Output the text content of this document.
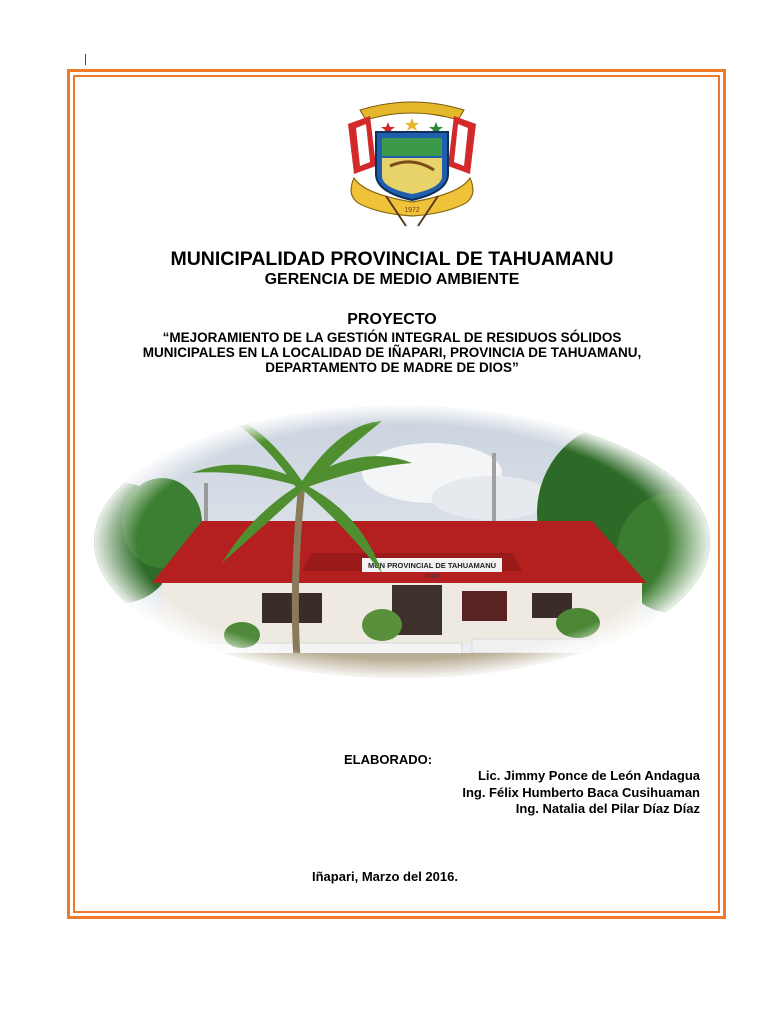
1972
MUNICIPALIDAD PROVINCIAL DE TAHUAMANU
GERENCIA DE MEDIO AMBIENTE
PROYECTO
“MEJORAMIENTO DE LA GESTIÓN INTEGRAL DE RESIDUOS SÓLIDOS
MUNICIPALES EN LA LOCALIDAD DE IÑAPARI, PROVINCIA DE TAHUAMANU,
DEPARTAMENTO DE MADRE DE DIOS”
ELABORADO:
Lic. Jimmy Ponce de León Andagua
Ing. Félix Humberto Baca Cusihuaman
Ing. Natalia del Pilar Díaz Díaz
Iñapari, Marzo del 2016.
